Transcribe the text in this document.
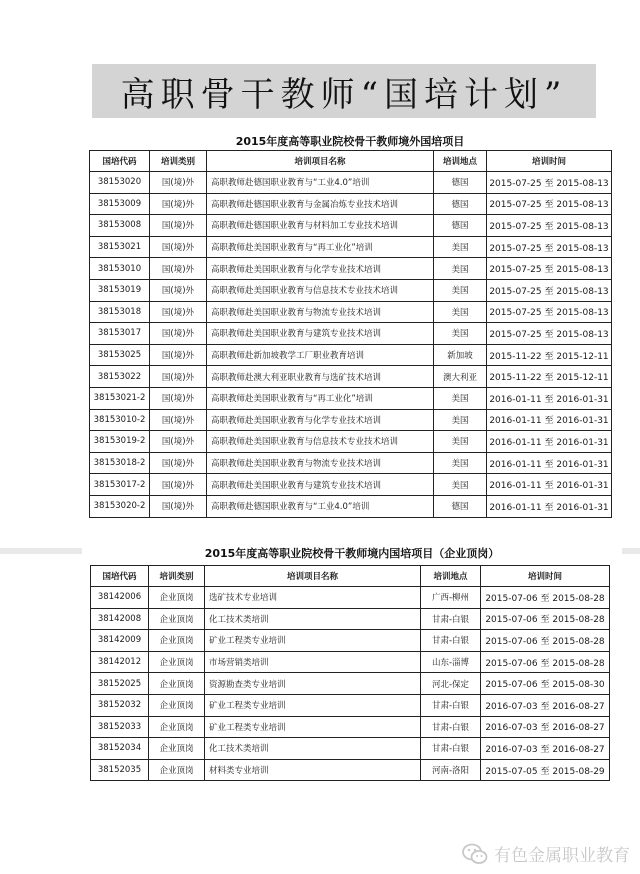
高职骨干教师“国培计划”
2015年度高等职业院校骨干教师境外国培项目
国培代码	培训类别	培训项目名称	培训地点	培训时间
38153020	国(境)外	高职教师赴德国职业教育与“工业4.0”培训	德国	2015-07-25 至 2015-08-13
38153009	国(境)外	高职教师赴德国职业教育与金属冶炼专业技术培训	德国	2015-07-25 至 2015-08-13
38153008	国(境)外	高职教师赴德国职业教育与材料加工专业技术培训	德国	2015-07-25 至 2015-08-13
38153021	国(境)外	高职教师赴美国职业教育与“再工业化”培训	美国	2015-07-25 至 2015-08-13
38153010	国(境)外	高职教师赴美国职业教育与化学专业技术培训	美国	2015-07-25 至 2015-08-13
38153019	国(境)外	高职教师赴美国职业教育与信息技术专业技术培训	美国	2015-07-25 至 2015-08-13
38153018	国(境)外	高职教师赴美国职业教育与物流专业技术培训	美国	2015-07-25 至 2015-08-13
38153017	国(境)外	高职教师赴美国职业教育与建筑专业技术培训	美国	2015-07-25 至 2015-08-13
38153025	国(境)外	高职教师赴新加坡教学工厂职业教育培训	新加坡	2015-11-22 至 2015-12-11
38153022	国(境)外	高职教师赴澳大利亚职业教育与选矿技术培训	澳大利亚	2015-11-22 至 2015-12-11
38153021-2	国(境)外	高职教师赴美国职业教育与“再工业化”培训	美国	2016-01-11 至 2016-01-31
38153010-2	国(境)外	高职教师赴美国职业教育与化学专业技术培训	美国	2016-01-11 至 2016-01-31
38153019-2	国(境)外	高职教师赴美国职业教育与信息技术专业技术培训	美国	2016-01-11 至 2016-01-31
38153018-2	国(境)外	高职教师赴美国职业教育与物流专业技术培训	美国	2016-01-11 至 2016-01-31
38153017-2	国(境)外	高职教师赴美国职业教育与建筑专业技术培训	美国	2016-01-11 至 2016-01-31
38153020-2	国(境)外	高职教师赴德国职业教育与“工业4.0”培训	德国	2016-01-11 至 2016-01-31
2015年度高等职业院校骨干教师境内国培项目（企业顶岗）
国培代码	培训类别	培训项目名称	培训地点	培训时间
38142006	企业顶岗	选矿技术专业培训	广西-柳州	2015-07-06 至 2015-08-28
38142008	企业顶岗	化工技术类培训	甘肃-白银	2015-07-06 至 2015-08-28
38142009	企业顶岗	矿业工程类专业培训	甘肃-白银	2015-07-06 至 2015-08-28
38142012	企业顶岗	市场营销类培训	山东-淄博	2015-07-06 至 2015-08-28
38152025	企业顶岗	资源勘查类专业培训	河北-保定	2015-07-06 至 2015-08-30
38152032	企业顶岗	矿业工程类专业培训	甘肃-白银	2016-07-03 至 2016-08-27
38152033	企业顶岗	矿业工程类专业培训	甘肃-白银	2016-07-03 至 2016-08-27
38152034	企业顶岗	化工技术类培训	甘肃-白银	2016-07-03 至 2016-08-27
38152035	企业顶岗	材料类专业培训	河南-洛阳	2015-07-05 至 2015-08-29
有色金属职业教育
